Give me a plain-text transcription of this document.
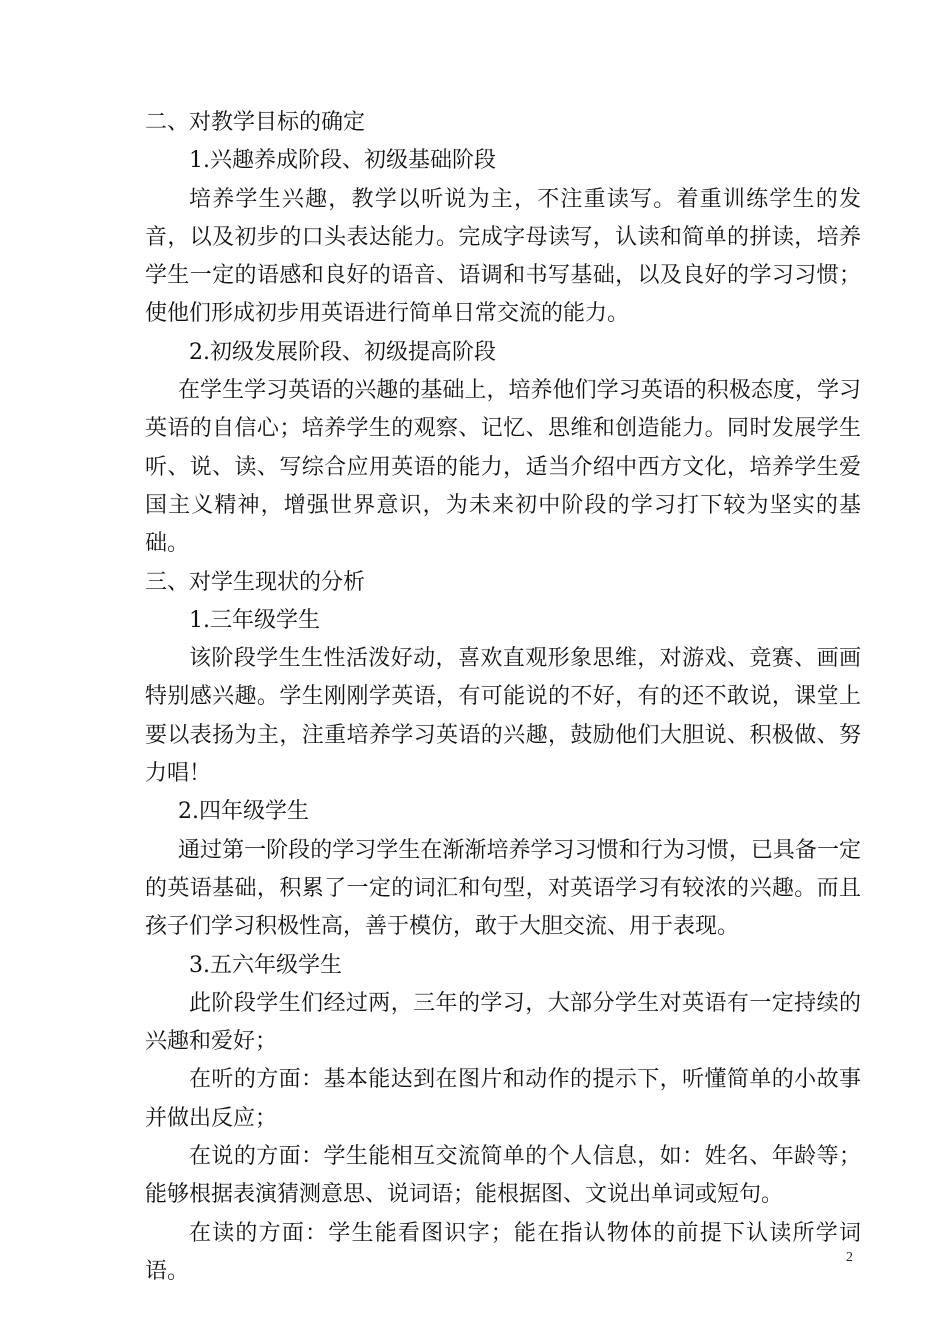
二、对教学目标的确定

1.兴趣养成阶段、初级基础阶段

培养学生兴趣，教学以听说为主，不注重读写。着重训练学生的发音，以及初步的口头表达能力。完成字母读写，认读和简单的拼读，培养学生一定的语感和良好的语音、语调和书写基础，以及良好的学习习惯；使他们形成初步用英语进行简单日常交流的能力。

2.初级发展阶段、初级提高阶段

在学生学习英语的兴趣的基础上，培养他们学习英语的积极态度，学习英语的自信心；培养学生的观察、记忆、思维和创造能力。同时发展学生听、说、读、写综合应用英语的能力，适当介绍中西方文化，培养学生爱国主义精神，增强世界意识，为未来初中阶段的学习打下较为坚实的基础。

三、对学生现状的分析

1.三年级学生

该阶段学生生性活泼好动，喜欢直观形象思维，对游戏、竞赛、画画特别感兴趣。学生刚刚学英语，有可能说的不好，有的还不敢说，课堂上要以表扬为主，注重培养学习英语的兴趣，鼓励他们大胆说、积极做、努力唱！

2.四年级学生

通过第一阶段的学习学生在渐渐培养学习习惯和行为习惯，已具备一定的英语基础，积累了一定的词汇和句型，对英语学习有较浓的兴趣。而且孩子们学习积极性高，善于模仿，敢于大胆交流、用于表现。

3.五六年级学生

此阶段学生们经过两，三年的学习，大部分学生对英语有一定持续的兴趣和爱好；

在听的方面：基本能达到在图片和动作的提示下，听懂简单的小故事并做出反应；

在说的方面：学生能相互交流简单的个人信息，如：姓名、年龄等；能够根据表演猜测意思、说词语；能根据图、文说出单词或短句。

在读的方面：学生能看图识字；能在指认物体的前提下认读所学词语。

2
